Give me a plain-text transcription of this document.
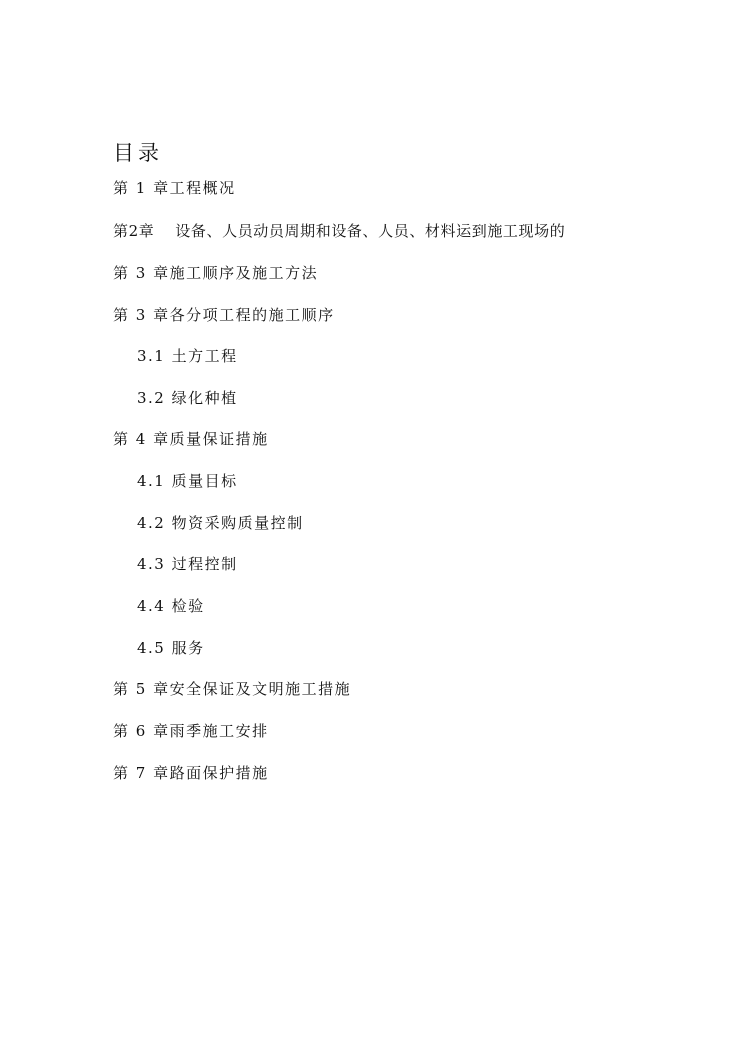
目录
第 1 章工程概况
第2章　 设备、人员动员周期和设备、人员、材料运到施工现场的
第 3 章施工顺序及施工方法
第 3 章各分项工程的施工顺序
3.1 土方工程
3.2 绿化种植
第 4 章质量保证措施
4.1 质量目标
4.2 物资采购质量控制
4.3 过程控制
4.4 检验
4.5 服务
第 5 章安全保证及文明施工措施
第 6 章雨季施工安排
第 7 章路面保护措施
